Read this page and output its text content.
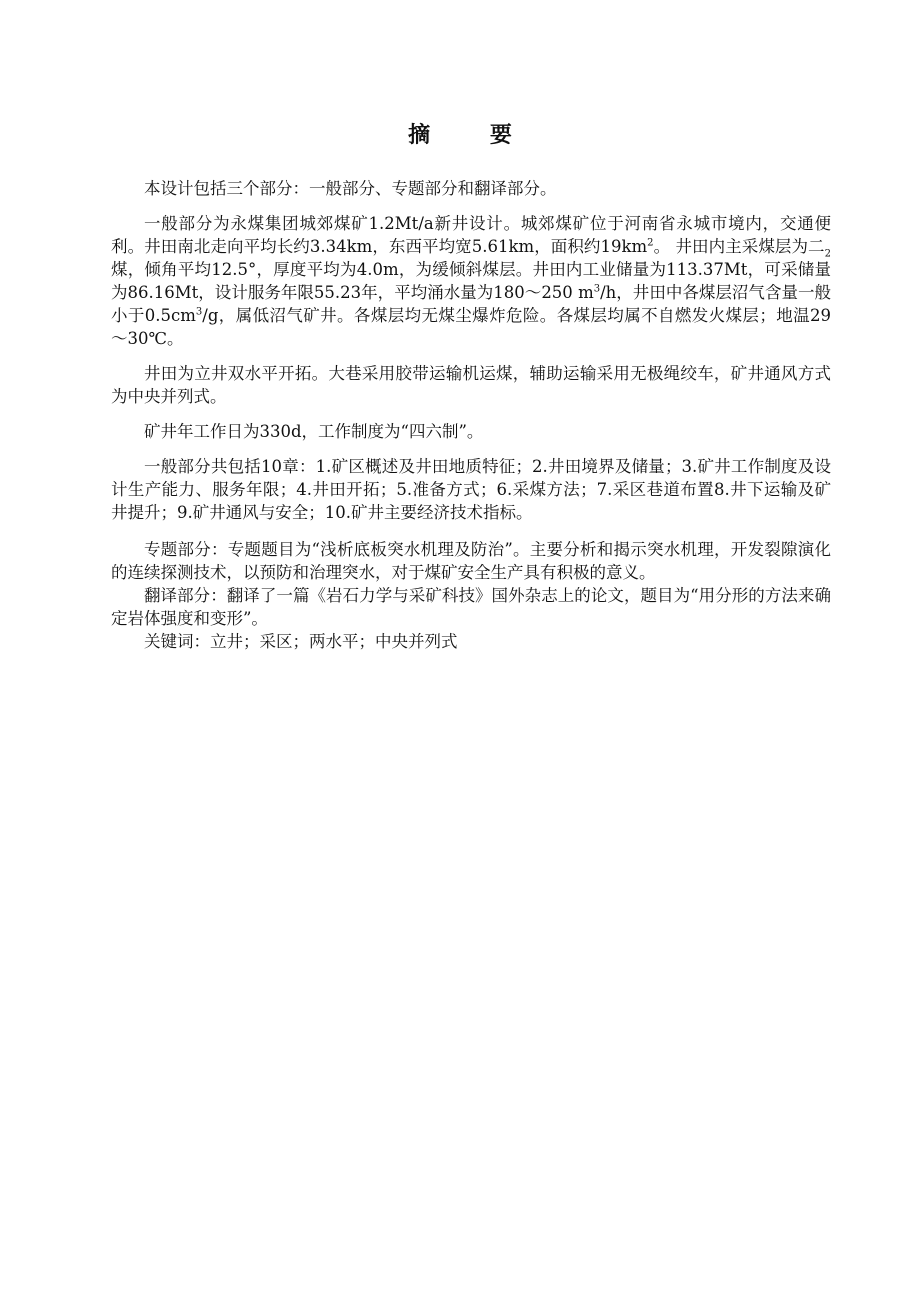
摘 要

本设计包括三个部分：一般部分、专题部分和翻译部分。

一般部分为永煤集团城郊煤矿1.2Mt/a新井设计。城郊煤矿位于河南省永城市境内，交通便利。井田南北走向平均长约3.34km，东西平均宽5.61km，面积约$19km^2$。 井田内主采煤层为二$_2$煤，倾角平均12.5°，厚度平均为4.0m，为缓倾斜煤层。井田内工业储量为113.37Mt，可采储量为86.16Mt，设计服务年限55.23年，平均涌水量为180～250 $m^3/h$，井田中各煤层沼气含量一般小于$0.5cm^3/g$，属低沼气矿井。各煤层均无煤尘爆炸危险。各煤层均属不自燃发火煤层；地温29～30℃。

井田为立井双水平开拓。大巷采用胶带运输机运煤，辅助运输采用无极绳绞车，矿井通风方式为中央并列式。

矿井年工作日为330d，工作制度为“四六制”。

一般部分共包括10章：1.矿区概述及井田地质特征；2.井田境界及储量；3.矿井工作制度及设计生产能力、服务年限；4.井田开拓；5.准备方式；6.采煤方法；7.采区巷道布置8.井下运输及矿井提升；9.矿井通风与安全；10.矿井主要经济技术指标。

专题部分：专题题目为“浅析底板突水机理及防治”。主要分析和揭示突水机理，开发裂隙演化的连续探测技术，以预防和治理突水，对于煤矿安全生产具有积极的意义。

翻译部分：翻译了一篇《岩石力学与采矿科技》国外杂志上的论文，题目为“用分形的方法来确定岩体强度和变形”。

关键词：立井；采区；两水平；中央并列式
